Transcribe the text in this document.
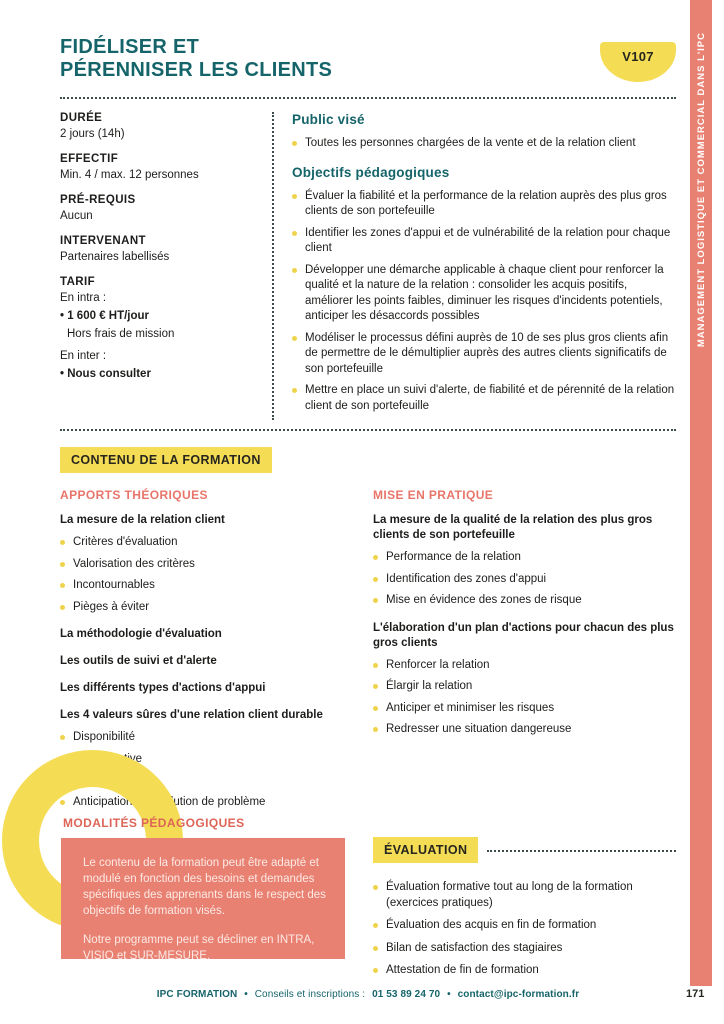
FIDÉLISER ET
PÉRENNISER LES CLIENTS
V107
DURÉE
2 jours (14h)
EFFECTIF
Min. 4 / max. 12 personnes
PRÉ-REQUIS
Aucun
INTERVENANT
Partenaires labellisés
TARIF
En intra :
• 1 600 € HT/jour
Hors frais de mission
En inter :
• Nous consulter
Public visé
Toutes les personnes chargées de la vente et de la relation client
Objectifs pédagogiques
Évaluer la fiabilité et la performance de la relation auprès des plus gros clients de son portefeuille
Identifier les zones d'appui et de vulnérabilité de la relation pour chaque client
Développer une démarche applicable à chaque client pour renforcer la qualité et la nature de la relation : consolider les acquis positifs, améliorer les points faibles, diminuer les risques d'incidents potentiels, anticiper les désaccords possibles
Modéliser le processus défini auprès de 10 de ses plus gros clients afin de permettre de le démultiplier auprès des autres clients significatifs de son portefeuille
Mettre en place un suivi d'alerte, de fiabilité et de pérennité de la relation client de son portefeuille
CONTENU DE LA FORMATION
APPORTS THÉORIQUES
La mesure de la relation client
Critères d'évaluation
Valorisation des critères
Incontournables
Pièges à éviter
La méthodologie d'évaluation
Les outils de suivi et d'alerte
Les différents types d'actions d'appui
Les 4 valeurs sûres d'une relation client durable
Disponibilité
Écoute active
Empathie
Anticipation et résolution de problème
MISE EN PRATIQUE
La mesure de la qualité de la relation des plus gros clients de son portefeuille
Performance de la relation
Identification des zones d'appui
Mise en évidence des zones de risque
L'élaboration d'un plan d'actions pour chacun des plus gros clients
Renforcer la relation
Élargir la relation
Anticiper et minimiser les risques
Redresser une situation dangereuse
MODALITÉS PÉDAGOGIQUES

Le contenu de la formation peut être adapté et modulé en fonction des besoins et demandes spécifiques des apprenants dans le respect des objectifs de formation visés.

Notre programme peut se décliner en INTRA, VISIO et SUR-MESURE.

ÉVALUATION
Évaluation formative tout au long de la formation (exercices pratiques)
Évaluation des acquis en fin de formation
Bilan de satisfaction des stagiaires
Attestation de fin de formation
IPC FORMATION • Conseils et inscriptions : 01 53 89 24 70 • contact@ipc-formation.fr	171
MANAGEMENT LOGISTIQUE ET COMMERCIAL DANS L'IPC
